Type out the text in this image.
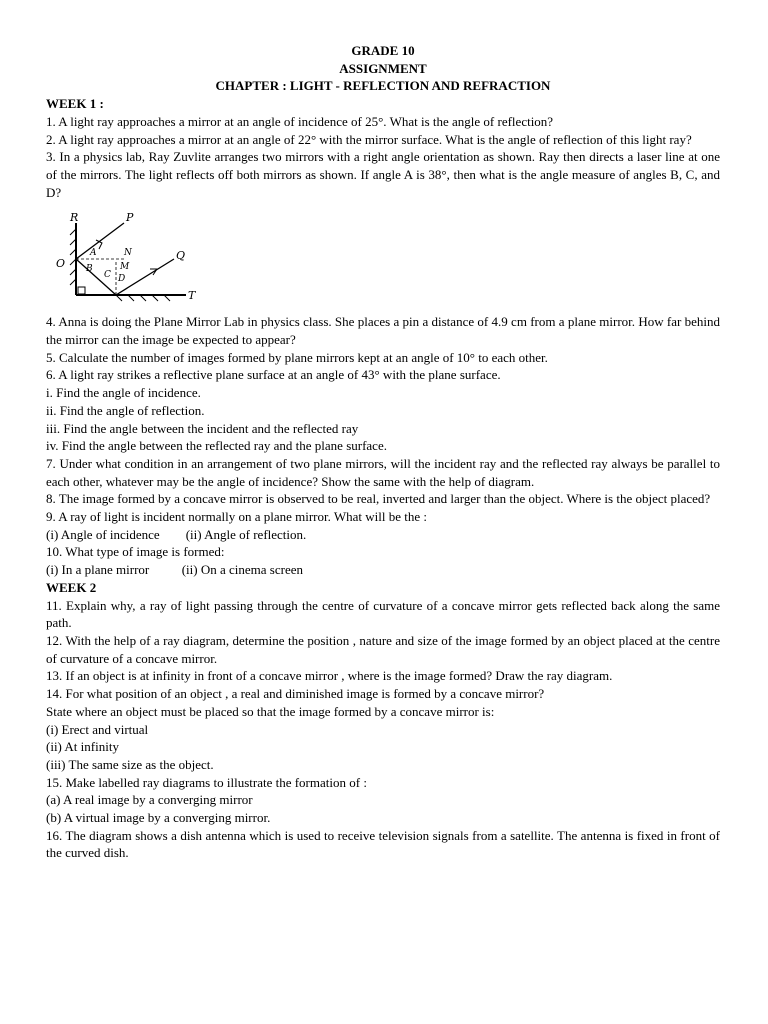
GRADE 10
ASSIGNMENT
CHAPTER : LIGHT - REFLECTION AND REFRACTION
WEEK 1 :

1. A light ray approaches a mirror at an angle of incidence of 25°. What is the angle of reflection?

2. A light ray approaches a mirror at an angle of 22° with the mirror surface. What is the angle of reflection of this light ray?

3. In a physics lab, Ray Zuvlite arranges two mirrors with a right angle orientation as shown. Ray then directs a laser line at one of the mirrors. The light reflects off both mirrors as shown. If angle A is 38°, then what is the angle measure of angles B, C, and D?

R	P
O
Q
T
A
B
C D
N
M

4. Anna is doing the Plane Mirror Lab in physics class. She places a pin a distance of 4.9 cm from a plane mirror. How far behind the mirror can the image be expected to appear?

5. Calculate the number of images formed by plane mirrors kept at an angle of 10° to each other.

6. A light ray strikes a reflective plane surface at an angle of 43° with the plane surface.

i. Find the angle of incidence.

ii. Find the angle of reflection.

iii. Find the angle between the incident and the reflected ray

iv. Find the angle between the reflected ray and the plane surface.

7. Under what condition in an arrangement of two plane mirrors, will the incident ray and the reflected ray always be parallel to each other, whatever may be the angle of incidence? Show the same with the help of diagram.

8. The image formed by a concave mirror is observed to be real, inverted and larger than the object. Where is the object placed?

9. A ray of light is incident normally on a plane mirror. What will be the :

(i) Angle of incidence        (ii) Angle of reflection.

10. What type of image is formed:

(i) In a plane mirror          (ii) On a cinema screen

WEEK 2

11. Explain why, a ray of light passing through the centre of curvature of a concave mirror gets reflected back along the same path.

12. With the help of a ray diagram, determine the position , nature and size of the image formed by an object placed at the centre of curvature of a concave mirror.

13. If an object is at infinity in front of a concave mirror , where is the image formed? Draw the ray diagram.

14. For what position of an object , a real and diminished image is formed by a concave mirror?

State where an object must be placed so that the image formed by a concave mirror is:

(i) Erect and virtual

(ii) At infinity

(iii) The same size as the object.

15. Make labelled ray diagrams to illustrate the formation of :

(a) A real image by a converging mirror

(b) A virtual image by a converging mirror.

16. The diagram shows a dish antenna which is used to receive television signals from a satellite. The antenna is fixed in front of the curved dish.
